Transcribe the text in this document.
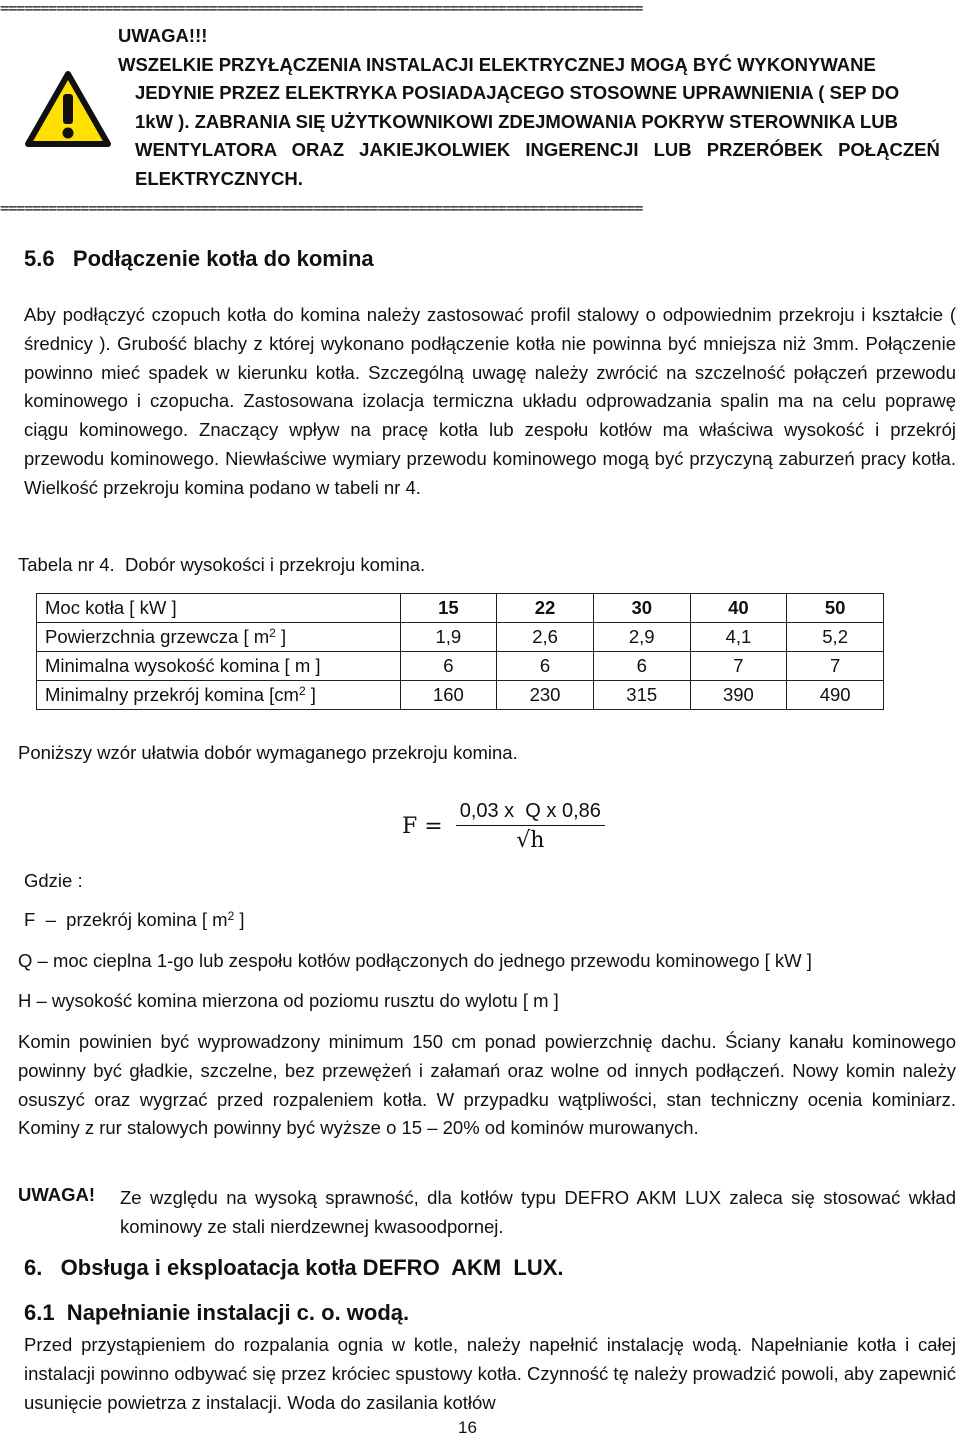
================================================================================
UWAGA!!!
WSZELKIE PRZYŁĄCZENIA INSTALACJI ELEKTRYCZNEJ MOGĄ BYĆ WYKONYWANE
JEDYNIE PRZEZ ELEKTRYKA POSIADAJĄCEGO STOSOWNE UPRAWNIENIA ( SEP DO
1kW ). ZABRANIA SIĘ UŻYTKOWNIKOWI ZDEJMOWANIA POKRYW STEROWNIKA LUB
WENTYLATORA ORAZ JAKIEJKOLWIEK INGERENCJI LUB PRZERÓBEK POŁĄCZEŃ
ELEKTRYCZNYCH.
================================================================================
5.6   Podłączenie kotła do komina
Aby podłączyć czopuch kotła do komina należy zastosować profil stalowy o odpowiednim przekroju i kształcie ( średnicy ). Grubość blachy z której wykonano podłączenie kotła nie powinna być mniejsza niż 3mm. Połączenie powinno mieć spadek w kierunku kotła. Szczególną uwagę należy zwrócić na szczelność połączeń przewodu kominowego i czopucha. Zastosowana izolacja termiczna układu odprowadzania spalin ma na celu poprawę ciągu kominowego. Znaczący wpływ na pracę kotła lub zespołu kotłów ma właściwa wysokość i przekrój przewodu kominowego. Niewłaściwe wymiary przewodu kominowego mogą być przyczyną zaburzeń pracy kotła. Wielkość przekroju komina podano w tabeli nr 4.
Tabela nr 4.  Dobór wysokości i przekroju komina.
Moc kotła [ kW ]	15	22	30	40	50
Powierzchnia grzewcza [ $m^2$ ]	1,9	2,6	2,9	4,1	5,2
Minimalna wysokość komina [ m ]	6	6	6	7	7
Minimalny przekrój komina [$cm^2$ ]	160	230	315	390	490
Poniższy wzór ułatwia dobór wymaganego przekroju komina.
$F = \frac{\text{0,03 x  Q x 0,86}}{√h}$
Gdzie :
F  –  przekrój komina [ $m^2$ ]
Q – moc cieplna 1-go lub zespołu kotłów podłączonych do jednego przewodu kominowego [ kW ]
H – wysokość komina mierzona od poziomu rusztu do wylotu [ m ]
Komin powinien być wyprowadzony minimum 150 cm ponad powierzchnię dachu. Ściany kanału kominowego powinny być gładkie, szczelne, bez przewężeń i załamań oraz wolne od innych podłączeń. Nowy komin należy osuszyć oraz wygrzać przed rozpaleniem kotła. W przypadku wątpliwości, stan techniczny ocenia kominiarz. Kominy z rur stalowych powinny być wyższe o 15 – 20% od kominów murowanych.
UWAGA! Ze względu na wysoką sprawność, dla kotłów typu DEFRO AKM LUX zaleca się stosować wkład kominowy ze stali nierdzewnej kwasoodpornej.
6.   Obsługa i eksploatacja kotła DEFRO  AKM  LUX.
6.1  Napełnianie instalacji c. o. wodą.
Przed przystąpieniem do rozpalania ognia w kotle, należy napełnić instalację wodą. Napełnianie kotła i całej instalacji powinno odbywać się przez króciec spustowy kotła. Czynność tę należy prowadzić powoli, aby zapewnić usunięcie powietrza z instalacji. Woda do zasilania kotłów
16
